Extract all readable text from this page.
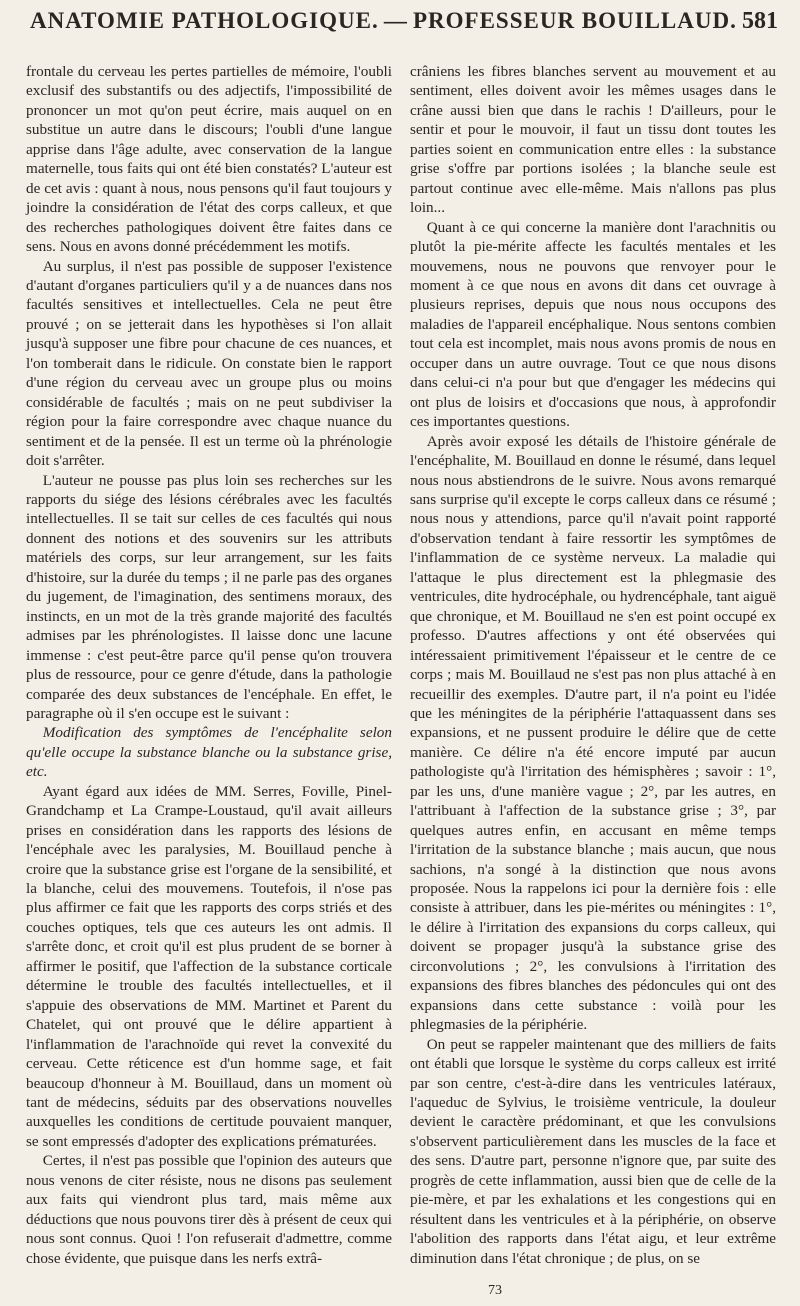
ANATOMIE PATHOLOGIQUE. — PROFESSEUR BOUILLAUD. 581

frontale du cerveau les pertes partielles de mémoire, l'oubli exclusif des substantifs ou des adjectifs, l'impossibilité de prononcer un mot qu'on peut écrire, mais auquel on en substitue un autre dans le discours; l'oubli d'une langue apprise dans l'âge adulte, avec conservation de la langue maternelle, tous faits qui ont été bien constatés? L'auteur est de cet avis : quant à nous, nous pensons qu'il faut toujours y joindre la considération de l'état des corps calleux, et que des recherches pathologiques doivent être faites dans ce sens. Nous en avons donné précédemment les motifs.

Au surplus, il n'est pas possible de supposer l'existence d'autant d'organes particuliers qu'il y a de nuances dans nos facultés sensitives et intellectuelles. Cela ne peut être prouvé ; on se jetterait dans les hypothèses si l'on allait jusqu'à supposer une fibre pour chacune de ces nuances, et l'on tomberait dans le ridicule. On constate bien le rapport d'une région du cerveau avec un groupe plus ou moins considérable de facultés ; mais on ne peut subdiviser la région pour la faire correspondre avec chaque nuance du sentiment et de la pensée. Il est un terme où la phrénologie doit s'arrêter.

L'auteur ne pousse pas plus loin ses recherches sur les rapports du siége des lésions cérébrales avec les facultés intellectuelles. Il se tait sur celles de ces facultés qui nous donnent des notions et des souvenirs sur les attributs matériels des corps, sur leur arrangement, sur les faits d'histoire, sur la durée du temps ; il ne parle pas des organes du jugement, de l'imagination, des sentimens moraux, des instincts, en un mot de la très grande majorité des facultés admises par les phrénologistes. Il laisse donc une lacune immense : c'est peut-être parce qu'il pense qu'on trouvera plus de ressource, pour ce genre d'étude, dans la pathologie comparée des deux substances de l'encéphale. En effet, le paragraphe où il s'en occupe est le suivant :

Modification des symptômes de l'encéphalite selon qu'elle occupe la substance blanche ou la substance grise, etc.

Ayant égard aux idées de MM. Serres, Foville, Pinel-Grandchamp et La Crampe-Loustaud, qu'il avait ailleurs prises en considération dans les rapports des lésions de l'encéphale avec les paralysies, M. Bouillaud penche à croire que la substance grise est l'organe de la sensibilité, et la blanche, celui des mouvemens. Toutefois, il n'ose pas plus affirmer ce fait que les rapports des corps striés et des couches optiques, tels que ces auteurs les ont admis. Il s'arrête donc, et croit qu'il est plus prudent de se borner à affirmer le positif, que l'affection de la substance corticale détermine le trouble des facultés intellectuelles, et il s'appuie des observations de MM. Martinet et Parent du Chatelet, qui ont prouvé que le délire appartient à l'inflammation de l'arachnoïde qui revet la convexité du cerveau. Cette réticence est d'un homme sage, et fait beaucoup d'honneur à M. Bouillaud, dans un moment où tant de médecins, séduits par des observations nouvelles auxquelles les conditions de certitude pouvaient manquer, se sont empressés d'adopter des explications prématurées.

Certes, il n'est pas possible que l'opinion des auteurs que nous venons de citer résiste, nous ne disons pas seulement aux faits qui viendront plus tard, mais même aux déductions que nous pouvons tirer dès à présent de ceux qui nous sont connus. Quoi ! l'on refuserait d'admettre, comme chose évidente, que puisque dans les nerfs extrâ-

crâniens les fibres blanches servent au mouvement et au sentiment, elles doivent avoir les mêmes usages dans le crâne aussi bien que dans le rachis ! D'ailleurs, pour le sentir et pour le mouvoir, il faut un tissu dont toutes les parties soient en communication entre elles : la substance grise s'offre par portions isolées ; la blanche seule est partout continue avec elle-même. Mais n'allons pas plus loin...

Quant à ce qui concerne la manière dont l'arachnitis ou plutôt la pie-mérite affecte les facultés mentales et les mouvemens, nous ne pouvons que renvoyer pour le moment à ce que nous en avons dit dans cet ouvrage à plusieurs reprises, depuis que nous nous occupons des maladies de l'appareil encéphalique. Nous sentons combien tout cela est incomplet, mais nous avons promis de nous en occuper dans un autre ouvrage. Tout ce que nous disons dans celui-ci n'a pour but que d'engager les médecins qui ont plus de loisirs et d'occasions que nous, à approfondir ces importantes questions.

Après avoir exposé les détails de l'histoire générale de l'encéphalite, M. Bouillaud en donne le résumé, dans lequel nous nous abstiendrons de le suivre. Nous avons remarqué sans surprise qu'il excepte le corps calleux dans ce résumé ; nous nous y attendions, parce qu'il n'avait point rapporté d'observation tendant à faire ressortir les symptômes de l'inflammation de ce système nerveux. La maladie qui l'attaque le plus directement est la phlegmasie des ventricules, dite hydrocéphale, ou hydrencéphale, tant aiguë que chronique, et M. Bouillaud ne s'en est point occupé ex professo. D'autres affections y ont été observées qui intéressaient primitivement l'épaisseur et le centre de ce corps ; mais M. Bouillaud ne s'est pas non plus attaché à en recueillir des exemples. D'autre part, il n'a point eu l'idée que les méningites de la périphérie l'attaquassent dans ses expansions, et ne pussent produire le délire que de cette manière. Ce délire n'a été encore imputé par aucun pathologiste qu'à l'irritation des hémisphères ; savoir : 1°, par les uns, d'une manière vague ; 2°, par les autres, en l'attribuant à l'affection de la substance grise ; 3°, par quelques autres enfin, en accusant en même temps l'irritation de la substance blanche ; mais aucun, que nous sachions, n'a songé à la distinction que nous avons proposée. Nous la rappelons ici pour la dernière fois : elle consiste à attribuer, dans les pie-mérites ou méningites : 1°, le délire à l'irritation des expansions du corps calleux, qui doivent se propager jusqu'à la substance grise des circonvolutions ; 2°, les convulsions à l'irritation des expansions des fibres blanches des pédoncules qui ont des expansions dans cette substance : voilà pour les phlegmasies de la périphérie.

On peut se rappeler maintenant que des milliers de faits ont établi que lorsque le système du corps calleux est irrité par son centre, c'est-à-dire dans les ventricules latéraux, l'aqueduc de Sylvius, le troisième ventricule, la douleur devient le caractère prédominant, et que les convulsions s'observent particulièrement dans les muscles de la face et des sens. D'autre part, personne n'ignore que, par suite des progrès de cette inflammation, aussi bien que de celle de la pie-mère, et par les exhalations et les congestions qui en résultent dans les ventricules et à la périphérie, on observe l'abolition des rapports dans l'état aigu, et leur extrême diminution dans l'état chronique ; de plus, on se

73
